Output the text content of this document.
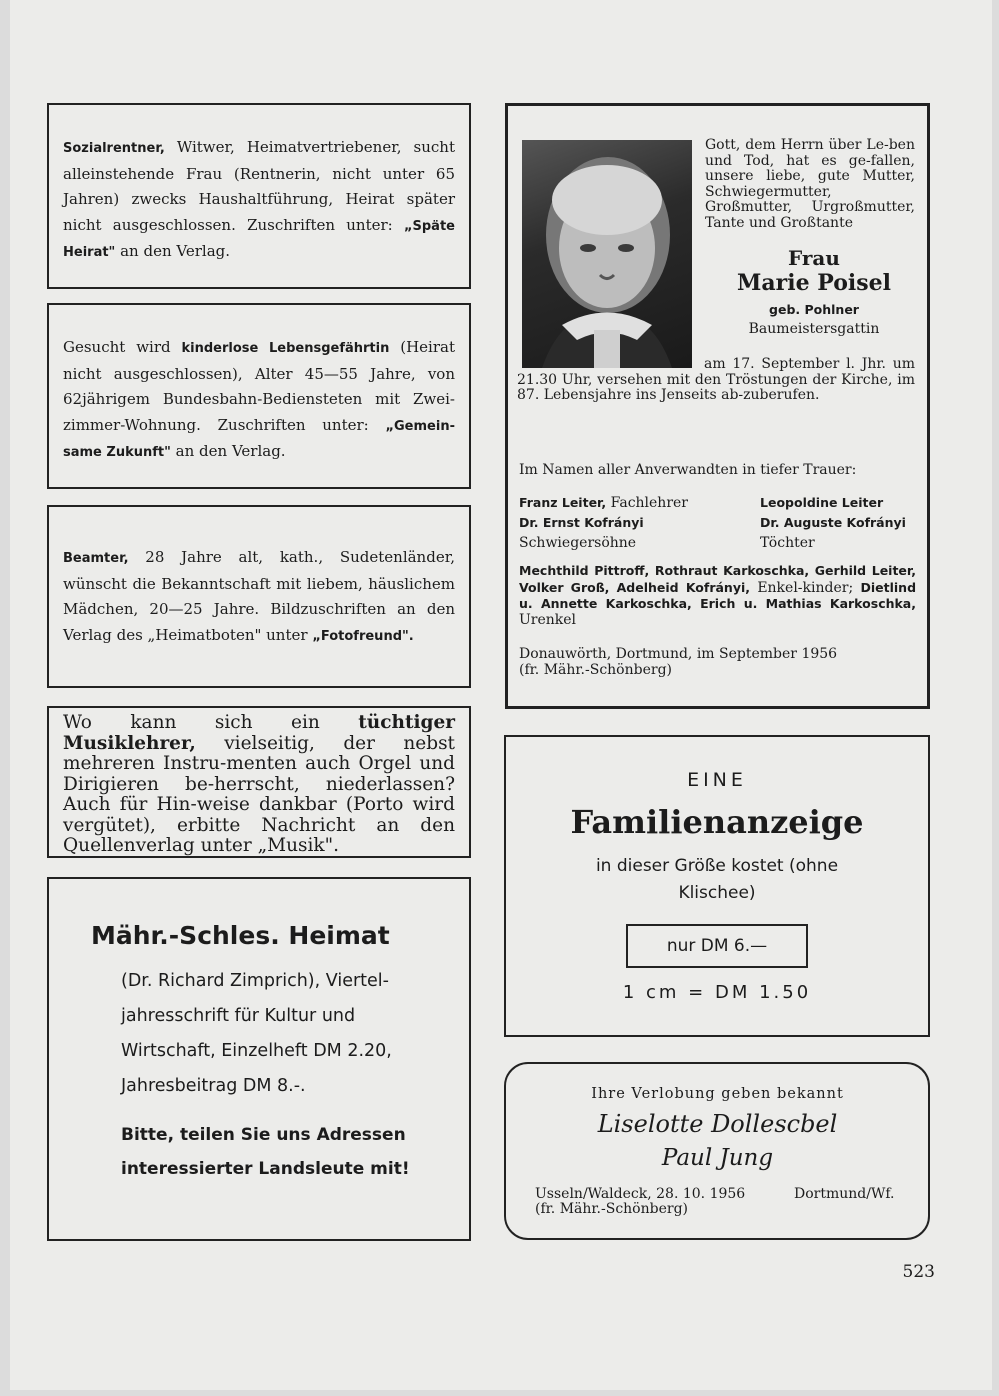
Sozialrentner, Witwer, Heimatvertriebener, sucht alleinstehende Frau (Rentnerin, nicht unter 65 Jahren) zwecks Haushaltführung, Heirat später nicht ausgeschlossen. Zuschriften unter: „Späte Heirat" an den Verlag.

Gesucht wird kinderlose Lebensgefährtin (Heirat nicht ausgeschlossen), Alter 45—55 Jahre, von 62jährigem Bundesbahn-Bediensteten mit Zwei-zimmer-Wohnung. Zuschriften unter: „Gemein-same Zukunft" an den Verlag.

Beamter, 28 Jahre alt, kath., Sudetenländer, wünscht die Bekanntschaft mit liebem, häuslichem Mädchen, 20—25 Jahre. Bildzuschriften an den Verlag des „Heimatboten" unter „Fotofreund".

Wo kann sich ein tüchtiger Musiklehrer, vielseitig, der nebst mehreren Instru-menten auch Orgel und Dirigieren be-herrscht, niederlassen? Auch für Hin-weise dankbar (Porto wird vergütet), erbitte Nachricht an den Quellenverlag unter „Musik".
Mähr.-Schles. Heimat
(Dr. Richard Zimprich), Viertel-
jahresschrift für Kultur und
Wirtschaft, Einzelheft DM 2.20,
Jahresbeitrag DM 8.-.
Bitte, teilen Sie uns Adressen
interessierter Landsleute mit!
Gott, dem Herrn über Le-ben und Tod, hat es ge-fallen, unsere liebe, gute Mutter, Schwiegermutter, Großmutter, Urgroßmutter, Tante und Großtante
Frau
Marie Poisel
geb. Pohlner
Baumeistersgattin
am 17. September l. Jhr. um 21.30 Uhr, versehen mit den Tröstungen der Kirche, im 87. Lebensjahre ins Jenseits ab-zuberufen.
Im Namen aller Anverwandten in tiefer Trauer:
Franz Leiter, Fachlehrer
Dr. Ernst Kofrányi
Schwiegersöhne
Leopoldine Leiter
Dr. Auguste Kofrányi
Töchter
Mechthild Pittroff, Rothraut Karkoschka, Gerhild Leiter, Volker Groß, Adelheid Kofrányi, Enkel-kinder; Dietlind u. Annette Karkoschka, Erich u. Mathias Karkoschka, Urenkel
Donauwörth, Dortmund, im September 1956
(fr. Mähr.-Schönberg)
EINE
Familienanzeige
in dieser Größe kostet (ohne
Klischee)
nur DM 6.—
1 cm = DM 1.50
Ihre Verlobung geben bekannt
Liselotte Dollescbel
Paul Jung
Usseln/Waldeck, 28. 10. 1956	Dortmund/Wf.
(fr. Mähr.-Schönberg)
523
